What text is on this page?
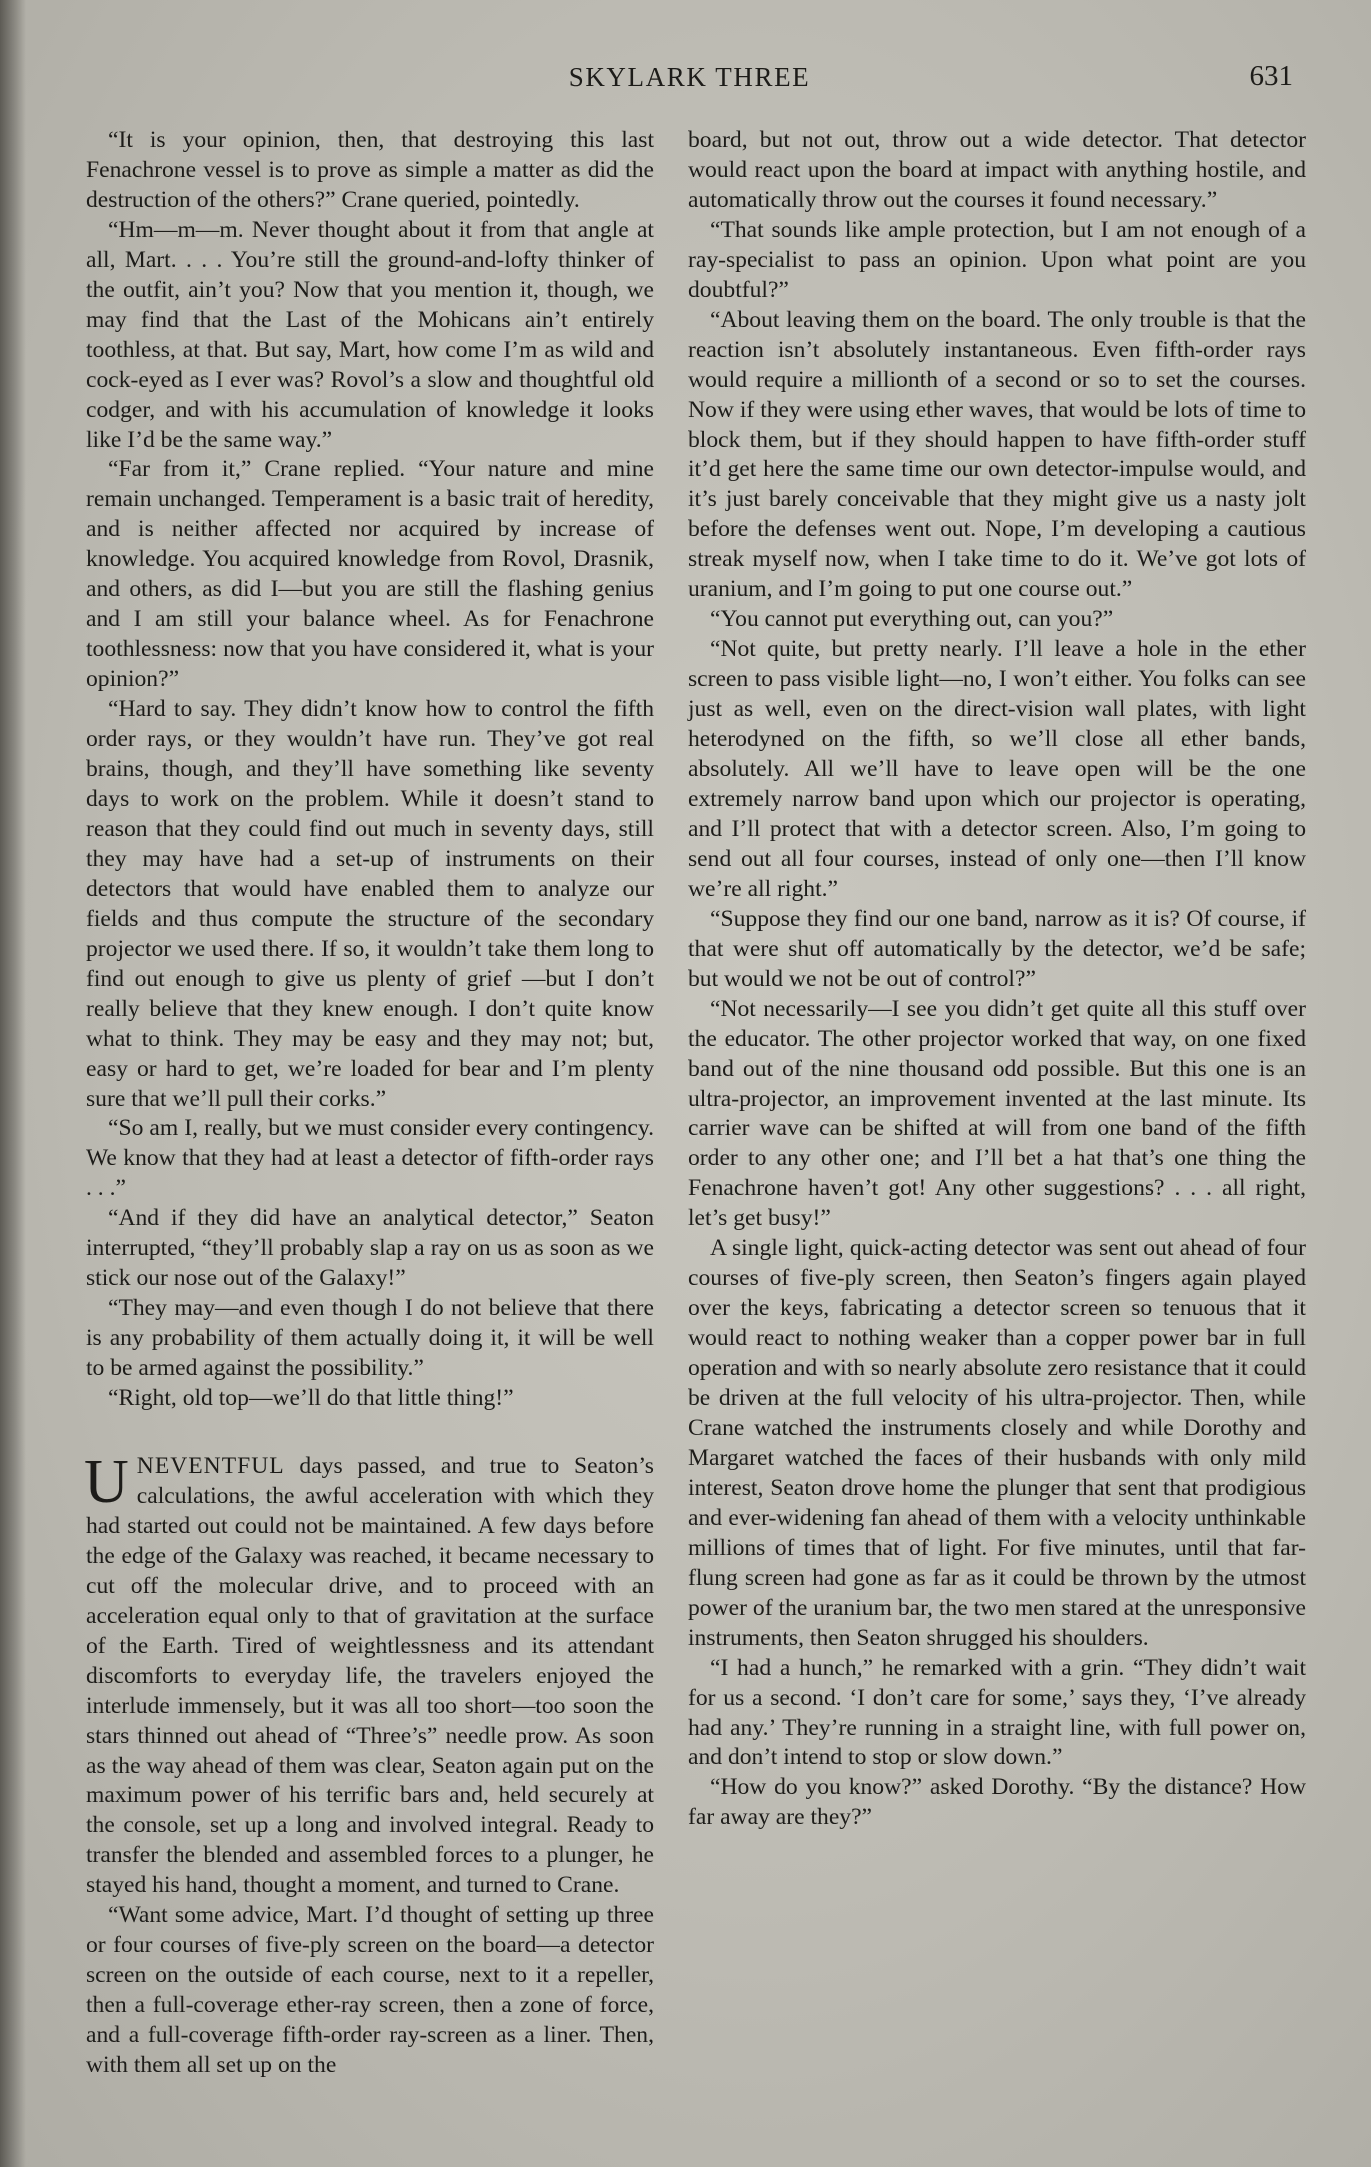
SKYLARK THREE	631

“It is your opinion, then, that destroying this last Fenachrone vessel is to prove as simple a matter as did the destruction of the others?” Crane queried, pointedly.

“Hm—m—m. Never thought about it from that angle at all, Mart. . . . You’re still the ground-and-lofty thinker of the outfit, ain’t you? Now that you mention it, though, we may find that the Last of the Mohicans ain’t entirely toothless, at that. But say, Mart, how come I’m as wild and cock-eyed as I ever was? Rovol’s a slow and thoughtful old codger, and with his accumulation of knowledge it looks like I’d be the same way.”

“Far from it,” Crane replied. “Your nature and mine remain unchanged. Temperament is a basic trait of heredity, and is neither affected nor acquired by increase of knowledge. You acquired knowledge from Rovol, Drasnik, and others, as did I—but you are still the flashing genius and I am still your balance wheel. As for Fenachrone toothlessness: now that you have considered it, what is your opinion?”

“Hard to say. They didn’t know how to control the fifth order rays, or they wouldn’t have run. They’ve got real brains, though, and they’ll have something like seventy days to work on the problem. While it doesn’t stand to reason that they could find out much in seventy days, still they may have had a set-up of instruments on their detectors that would have enabled them to analyze our fields and thus compute the structure of the secondary projector we used there. If so, it wouldn’t take them long to find out enough to give us plenty of grief —but I don’t really believe that they knew enough. I don’t quite know what to think. They may be easy and they may not; but, easy or hard to get, we’re loaded for bear and I’m plenty sure that we’ll pull their corks.”

“So am I, really, but we must consider every contingency. We know that they had at least a detector of fifth-order rays . . .”

“And if they did have an analytical detector,” Seaton interrupted, “they’ll probably slap a ray on us as soon as we stick our nose out of the Galaxy!”

“They may—and even though I do not believe that there is any probability of them actually doing it, it will be well to be armed against the possibility.”

“Right, old top—we’ll do that little thing!”

UNEVENTFUL days passed, and true to Seaton’s calculations, the awful acceleration with which they had started out could not be maintained. A few days before the edge of the Galaxy was reached, it became necessary to cut off the molecular drive, and to proceed with an acceleration equal only to that of gravitation at the surface of the Earth. Tired of weightlessness and its attendant discomforts to everyday life, the travelers enjoyed the interlude immensely, but it was all too short—too soon the stars thinned out ahead of “Three’s” needle prow. As soon as the way ahead of them was clear, Seaton again put on the maximum power of his terrific bars and, held securely at the console, set up a long and involved integral. Ready to transfer the blended and assembled forces to a plunger, he stayed his hand, thought a moment, and turned to Crane.

“Want some advice, Mart. I’d thought of setting up three or four courses of five-ply screen on the board—a detector screen on the outside of each course, next to it a repeller, then a full-coverage ether-ray screen, then a zone of force, and a full-coverage fifth-order ray-screen as a liner. Then, with them all set up on the

board, but not out, throw out a wide detector. That detector would react upon the board at impact with anything hostile, and automatically throw out the courses it found necessary.”

“That sounds like ample protection, but I am not enough of a ray-specialist to pass an opinion. Upon what point are you doubtful?”

“About leaving them on the board. The only trouble is that the reaction isn’t absolutely instantaneous. Even fifth-order rays would require a millionth of a second or so to set the courses. Now if they were using ether waves, that would be lots of time to block them, but if they should happen to have fifth-order stuff it’d get here the same time our own detector-impulse would, and it’s just barely conceivable that they might give us a nasty jolt before the defenses went out. Nope, I’m developing a cautious streak myself now, when I take time to do it. We’ve got lots of uranium, and I’m going to put one course out.”

“You cannot put everything out, can you?”

“Not quite, but pretty nearly. I’ll leave a hole in the ether screen to pass visible light—no, I won’t either. You folks can see just as well, even on the direct-vision wall plates, with light heterodyned on the fifth, so we’ll close all ether bands, absolutely. All we’ll have to leave open will be the one extremely narrow band upon which our projector is operating, and I’ll protect that with a detector screen. Also, I’m going to send out all four courses, instead of only one—then I’ll know we’re all right.”

“Suppose they find our one band, narrow as it is? Of course, if that were shut off automatically by the detector, we’d be safe; but would we not be out of control?”

“Not necessarily—I see you didn’t get quite all this stuff over the educator. The other projector worked that way, on one fixed band out of the nine thousand odd possible. But this one is an ultra-projector, an improvement invented at the last minute. Its carrier wave can be shifted at will from one band of the fifth order to any other one; and I’ll bet a hat that’s one thing the Fenachrone haven’t got! Any other suggestions? . . . all right, let’s get busy!”

A single light, quick-acting detector was sent out ahead of four courses of five-ply screen, then Seaton’s fingers again played over the keys, fabricating a detector screen so tenuous that it would react to nothing weaker than a copper power bar in full operation and with so nearly absolute zero resistance that it could be driven at the full velocity of his ultra-projector. Then, while Crane watched the instruments closely and while Dorothy and Margaret watched the faces of their husbands with only mild interest, Seaton drove home the plunger that sent that prodigious and ever-widening fan ahead of them with a velocity unthinkable millions of times that of light. For five minutes, until that far-flung screen had gone as far as it could be thrown by the utmost power of the uranium bar, the two men stared at the unresponsive instruments, then Seaton shrugged his shoulders.

“I had a hunch,” he remarked with a grin. “They didn’t wait for us a second. ‘I don’t care for some,’ says they, ‘I’ve already had any.’ They’re running in a straight line, with full power on, and don’t intend to stop or slow down.”

“How do you know?” asked Dorothy. “By the distance? How far away are they?”
